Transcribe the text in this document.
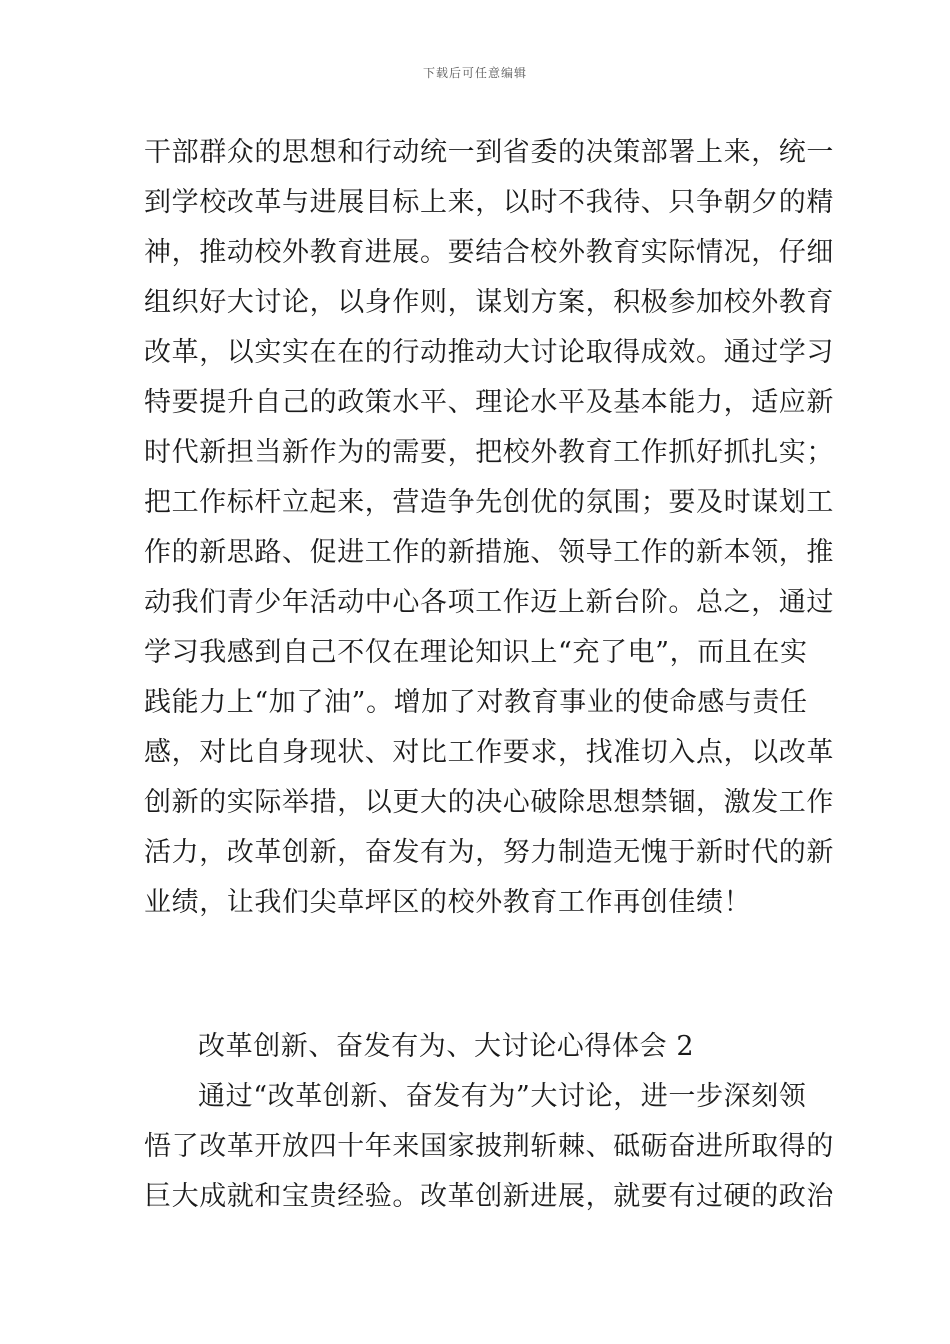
下载后可任意编辑
干部群众的思想和行动统一到省委的决策部署上来，统一
到学校改革与进展目标上来，以时不我待、只争朝夕的精
神，推动校外教育进展。要结合校外教育实际情况，仔细
组织好大讨论，以身作则，谋划方案，积极参加校外教育
改革，以实实在在的行动推动大讨论取得成效。通过学习
特要提升自己的政策水平、理论水平及基本能力，适应新
时代新担当新作为的需要，把校外教育工作抓好抓扎实；
把工作标杆立起来，营造争先创优的氛围；要及时谋划工
作的新思路、促进工作的新措施、领导工作的新本领，推
动我们青少年活动中心各项工作迈上新台阶。总之，通过
学习我感到自己不仅在理论知识上“充了电”，而且在实
践能力上“加了油”。增加了对教育事业的使命感与责任
感，对比自身现状、对比工作要求，找准切入点，以改革
创新的实际举措，以更大的决心破除思想禁锢，激发工作
活力，改革创新，奋发有为，努力制造无愧于新时代的新
业绩，让我们尖草坪区的校外教育工作再创佳绩！
改革创新、奋发有为、大讨论心得体会 2
通过“改革创新、奋发有为”大讨论，进一步深刻领
悟了改革开放四十年来国家披荆斩棘、砥砺奋进所取得的
巨大成就和宝贵经验。改革创新进展，就要有过硬的政治
